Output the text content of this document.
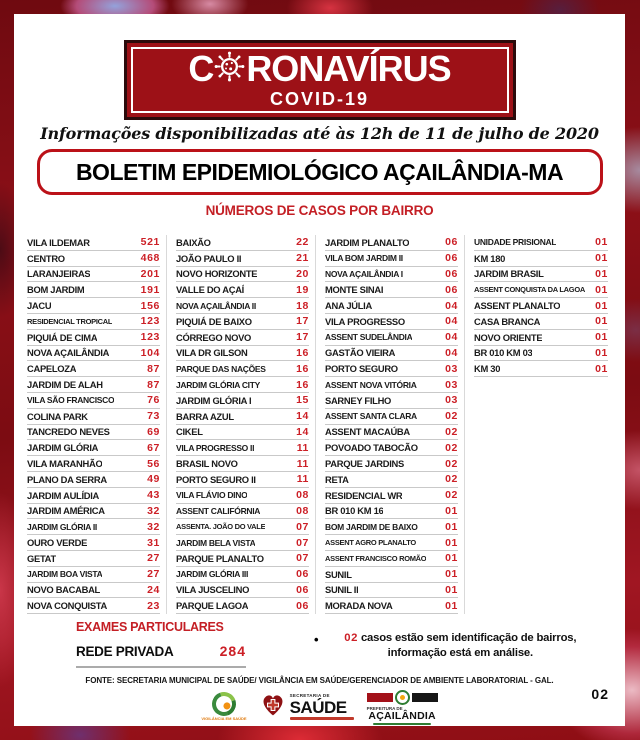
C RONAVÍRUS
COVID-19
Informações disponibilizadas até às 12h de 11 de julho de 2020
BOLETIM EPIDEMIOLÓGICO AÇAILÂNDIA-MA
NÚMEROS DE CASOS POR BAIRRO
VILA ILDEMAR	521
CENTRO	468
LARANJEIRAS	201
BOM JARDIM	191
JACU	156
RESIDENCIAL TROPICAL	123
PIQUIÁ DE CIMA	123
NOVA AÇAILÂNDIA	104
CAPELOZA	87
JARDIM DE ALAH	87
VILA SÃO FRANCISCO	76
COLINA PARK	73
TANCREDO NEVES	69
JARDIM GLÓRIA	67
VILA MARANHÃO	56
PLANO DA SERRA	49
JARDIM AULÍDIA	43
JARDIM AMÉRICA	32
JARDIM GLÓRIA II	32
OURO VERDE	31
GETAT	27
JARDIM BOA VISTA	27
NOVO BACABAL	24
NOVA CONQUISTA	23
BAIXÃO	22
JOÃO PAULO II	21
NOVO HORIZONTE	20
VALLE DO AÇAÍ	19
NOVA AÇAILÂNDIA II	18
PIQUIÁ DE BAIXO	17
CÓRREGO NOVO	17
VILA DR GILSON	16
PARQUE DAS NAÇÕES	16
JARDIM GLÓRIA CITY	16
JARDIM GLÓRIA I	15
BARRA AZUL	14
CIKEL	14
VILA PROGRESSO II	11
BRASIL NOVO	11
PORTO SEGURO II	11
VILA FLÁVIO DINO	08
ASSENT CALIFÓRNIA	08
ASSENTA. JOÃO DO VALE	07
JARDIM BELA VISTA	07
PARQUE PLANALTO	07
JARDIM GLÓRIA III	06
VILA JUSCELINO	06
PARQUE LAGOA	06
JARDIM PLANALTO	06
VILA BOM JARDIM II	06
NOVA AÇAILÂNDIA I	06
MONTE SINAI	06
ANA JÚLIA	04
VILA PROGRESSO	04
ASSENT SUDELÂNDIA	04
GASTÃO VIEIRA	04
PORTO SEGURO	03
ASSENT NOVA VITÓRIA	03
SARNEY FILHO	03
ASSENT SANTA CLARA	02
ASSENT MACAÚBA	02
POVOADO TABOCÃO	02
PARQUE JARDINS	02
RETA	02
RESIDENCIAL WR	02
BR 010 KM 16	01
BOM JARDIM DE BAIXO	01
ASSENT AGRO PLANALTO	01
ASSENT FRANCISCO ROMÃO 01
SUNIL	01
SUNIL II	01
MORADA NOVA	01
UNIDADE PRISIONAL	01
KM 180	01
JARDIM BRASIL	01
ASSENT CONQUISTA DA LAGOA 01
ASSENT PLANALTO	01
CASA BRANCA	01
NOVO ORIENTE	01
BR 010 KM 03	01
KM 30	01
EXAMES PARTICULARES
REDE PRIVADA	284
•	02 casos estão sem identificação de bairros, informação está em análise.
FONTE: SECRETARIA MUNICIPAL DE SAÚDE/ VIGILÂNCIA EM SAÚDE/GERENCIADOR DE AMBIENTE LABORATORIAL - GAL.
VIGILÂNCIA EM SAÚDE
SECRETARIA DE
SAÚDE	PREFEITURA DE
AÇAILÂNDIA
02
